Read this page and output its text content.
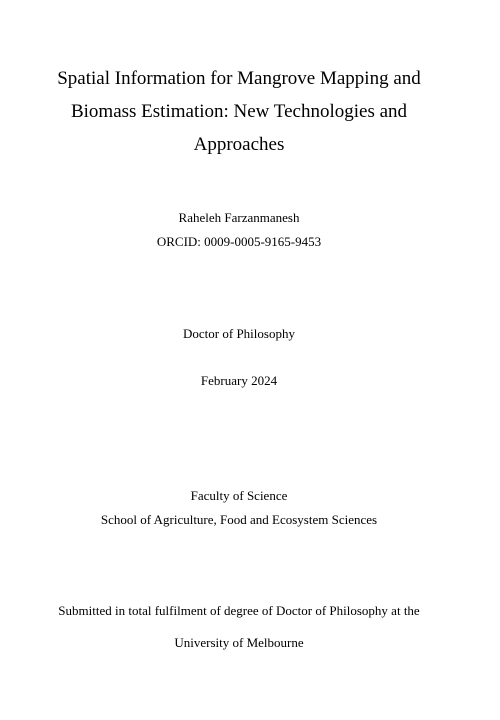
Spatial Information for Mangrove Mapping and
Biomass Estimation: New Technologies and
Approaches
Raheleh Farzanmanesh
ORCID: 0009-0005-9165-9453
Doctor of Philosophy
February 2024
Faculty of Science
School of Agriculture, Food and Ecosystem Sciences
Submitted in total fulfilment of degree of Doctor of Philosophy at the
University of Melbourne
